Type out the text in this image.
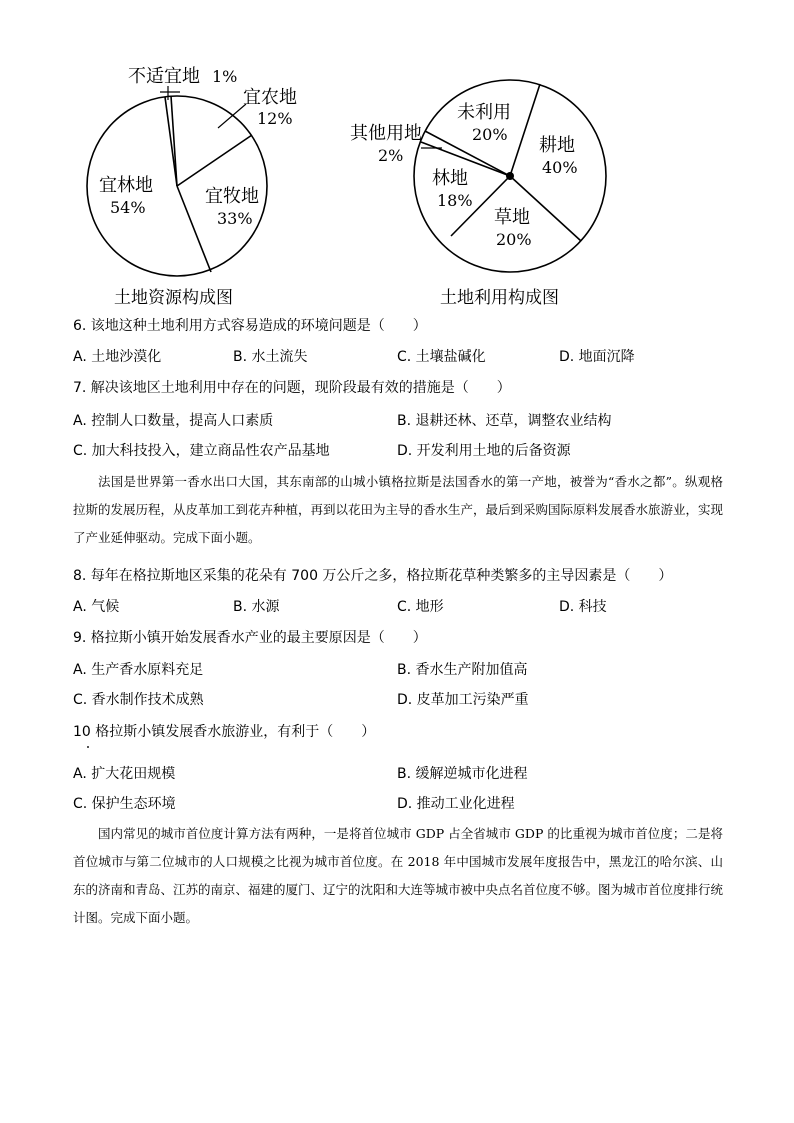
不适宜地 1%
宜农地
12%
宜牧地
33%
宜林地
54%
土地资源构成图
未利用
20%
其他用地
2%	耕地
40%
林地
18%
草地
20%
土地利用构成图
6. 该地这种土地利用方式容易造成的环境问题是（　　）
A. 土地沙漠化	B. 水土流失	C. 土壤盐碱化	D. 地面沉降
7. 解决该地区土地利用中存在的问题，现阶段最有效的措施是（　　）
A. 控制人口数量，提高人口素质	B. 退耕还林、还草，调整农业结构
C. 加大科技投入，建立商品性农产品基地	D. 开发利用土地的后备资源

法国是世界第一香水出口大国，其东南部的山城小镇格拉斯是法国香水的第一产地，被誉为“香水之都”。纵观格拉斯的发展历程，从皮革加工到花卉种植，再到以花田为主导的香水生产，最后到采购国际原料发展香水旅游业，实现了产业延伸驱动。完成下面小题。

8. 每年在格拉斯地区采集的花朵有 700 万公斤之多，格拉斯花草种类繁多的主导因素是（　　）
A. 气候	B. 水源	C. 地形	D. 科技
9. 格拉斯小镇开始发展香水产业的最主要原因是（　　）
A. 生产香水原料充足	B. 香水生产附加值高
C. 香水制作技术成熟	D. 皮革加工污染严重
10 格拉斯小镇发展香水旅游业，有利于（　　）
A. 扩大花田规模	B. 缓解逆城市化进程
C. 保护生态环境	D. 推动工业化进程

国内常见的城市首位度计算方法有两种，一是将首位城市 GDP 占全省城市 GDP 的比重视为城市首位度；二是将首位城市与第二位城市的人口规模之比视为城市首位度。在 2018 年中国城市发展年度报告中，黑龙江的哈尔滨、山东的济南和青岛、江苏的南京、福建的厦门、辽宁的沈阳和大连等城市被中央点名首位度不够。图为城市首位度排行统计图。完成下面小题。
